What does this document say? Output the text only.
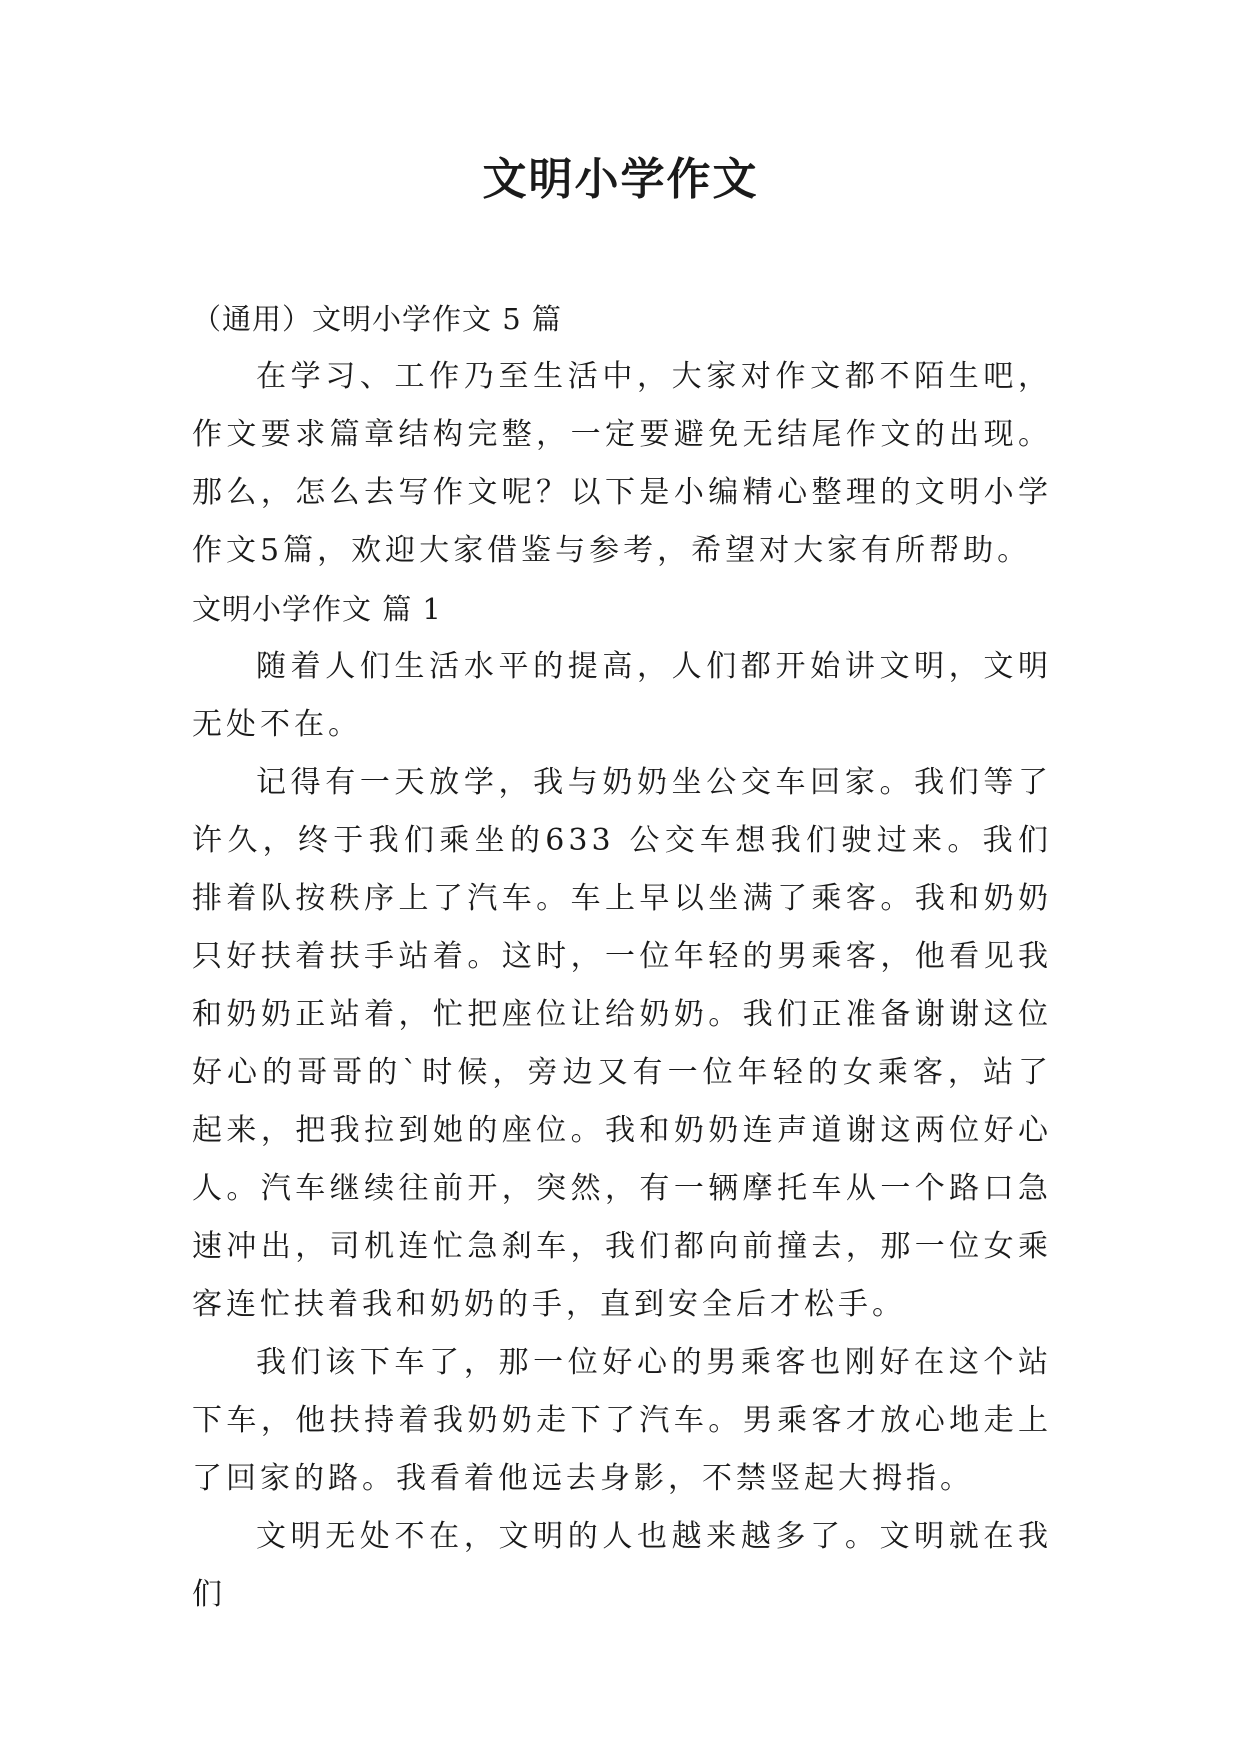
文明小学作文

（通用）文明小学作文 5 篇

在学习、工作乃至生活中，大家对作文都不陌生吧，作文要求篇章结构完整，一定要避免无结尾作文的出现。那么，怎么去写作文呢？以下是小编精心整理的文明小学作文5篇，欢迎大家借鉴与参考，希望对大家有所帮助。

文明小学作文 篇 1

随着人们生活水平的提高，人们都开始讲文明，文明无处不在。

记得有一天放学，我与奶奶坐公交车回家。我们等了许久，终于我们乘坐的633 公交车想我们驶过来。我们排着队按秩序上了汽车。车上早以坐满了乘客。我和奶奶只好扶着扶手站着。这时，一位年轻的男乘客，他看见我和奶奶正站着，忙把座位让给奶奶。我们正准备谢谢这位好心的哥哥的`时候，旁边又有一位年轻的女乘客，站了起来，把我拉到她的座位。我和奶奶连声道谢这两位好心人。汽车继续往前开，突然，有一辆摩托车从一个路口急速冲出，司机连忙急刹车，我们都向前撞去，那一位女乘客连忙扶着我和奶奶的手，直到安全后才松手。

我们该下车了，那一位好心的男乘客也刚好在这个站下车，他扶持着我奶奶走下了汽车。男乘客才放心地走上了回家的路。我看着他远去身影，不禁竖起大拇指。

文明无处不在，文明的人也越来越多了。文明就在我们
